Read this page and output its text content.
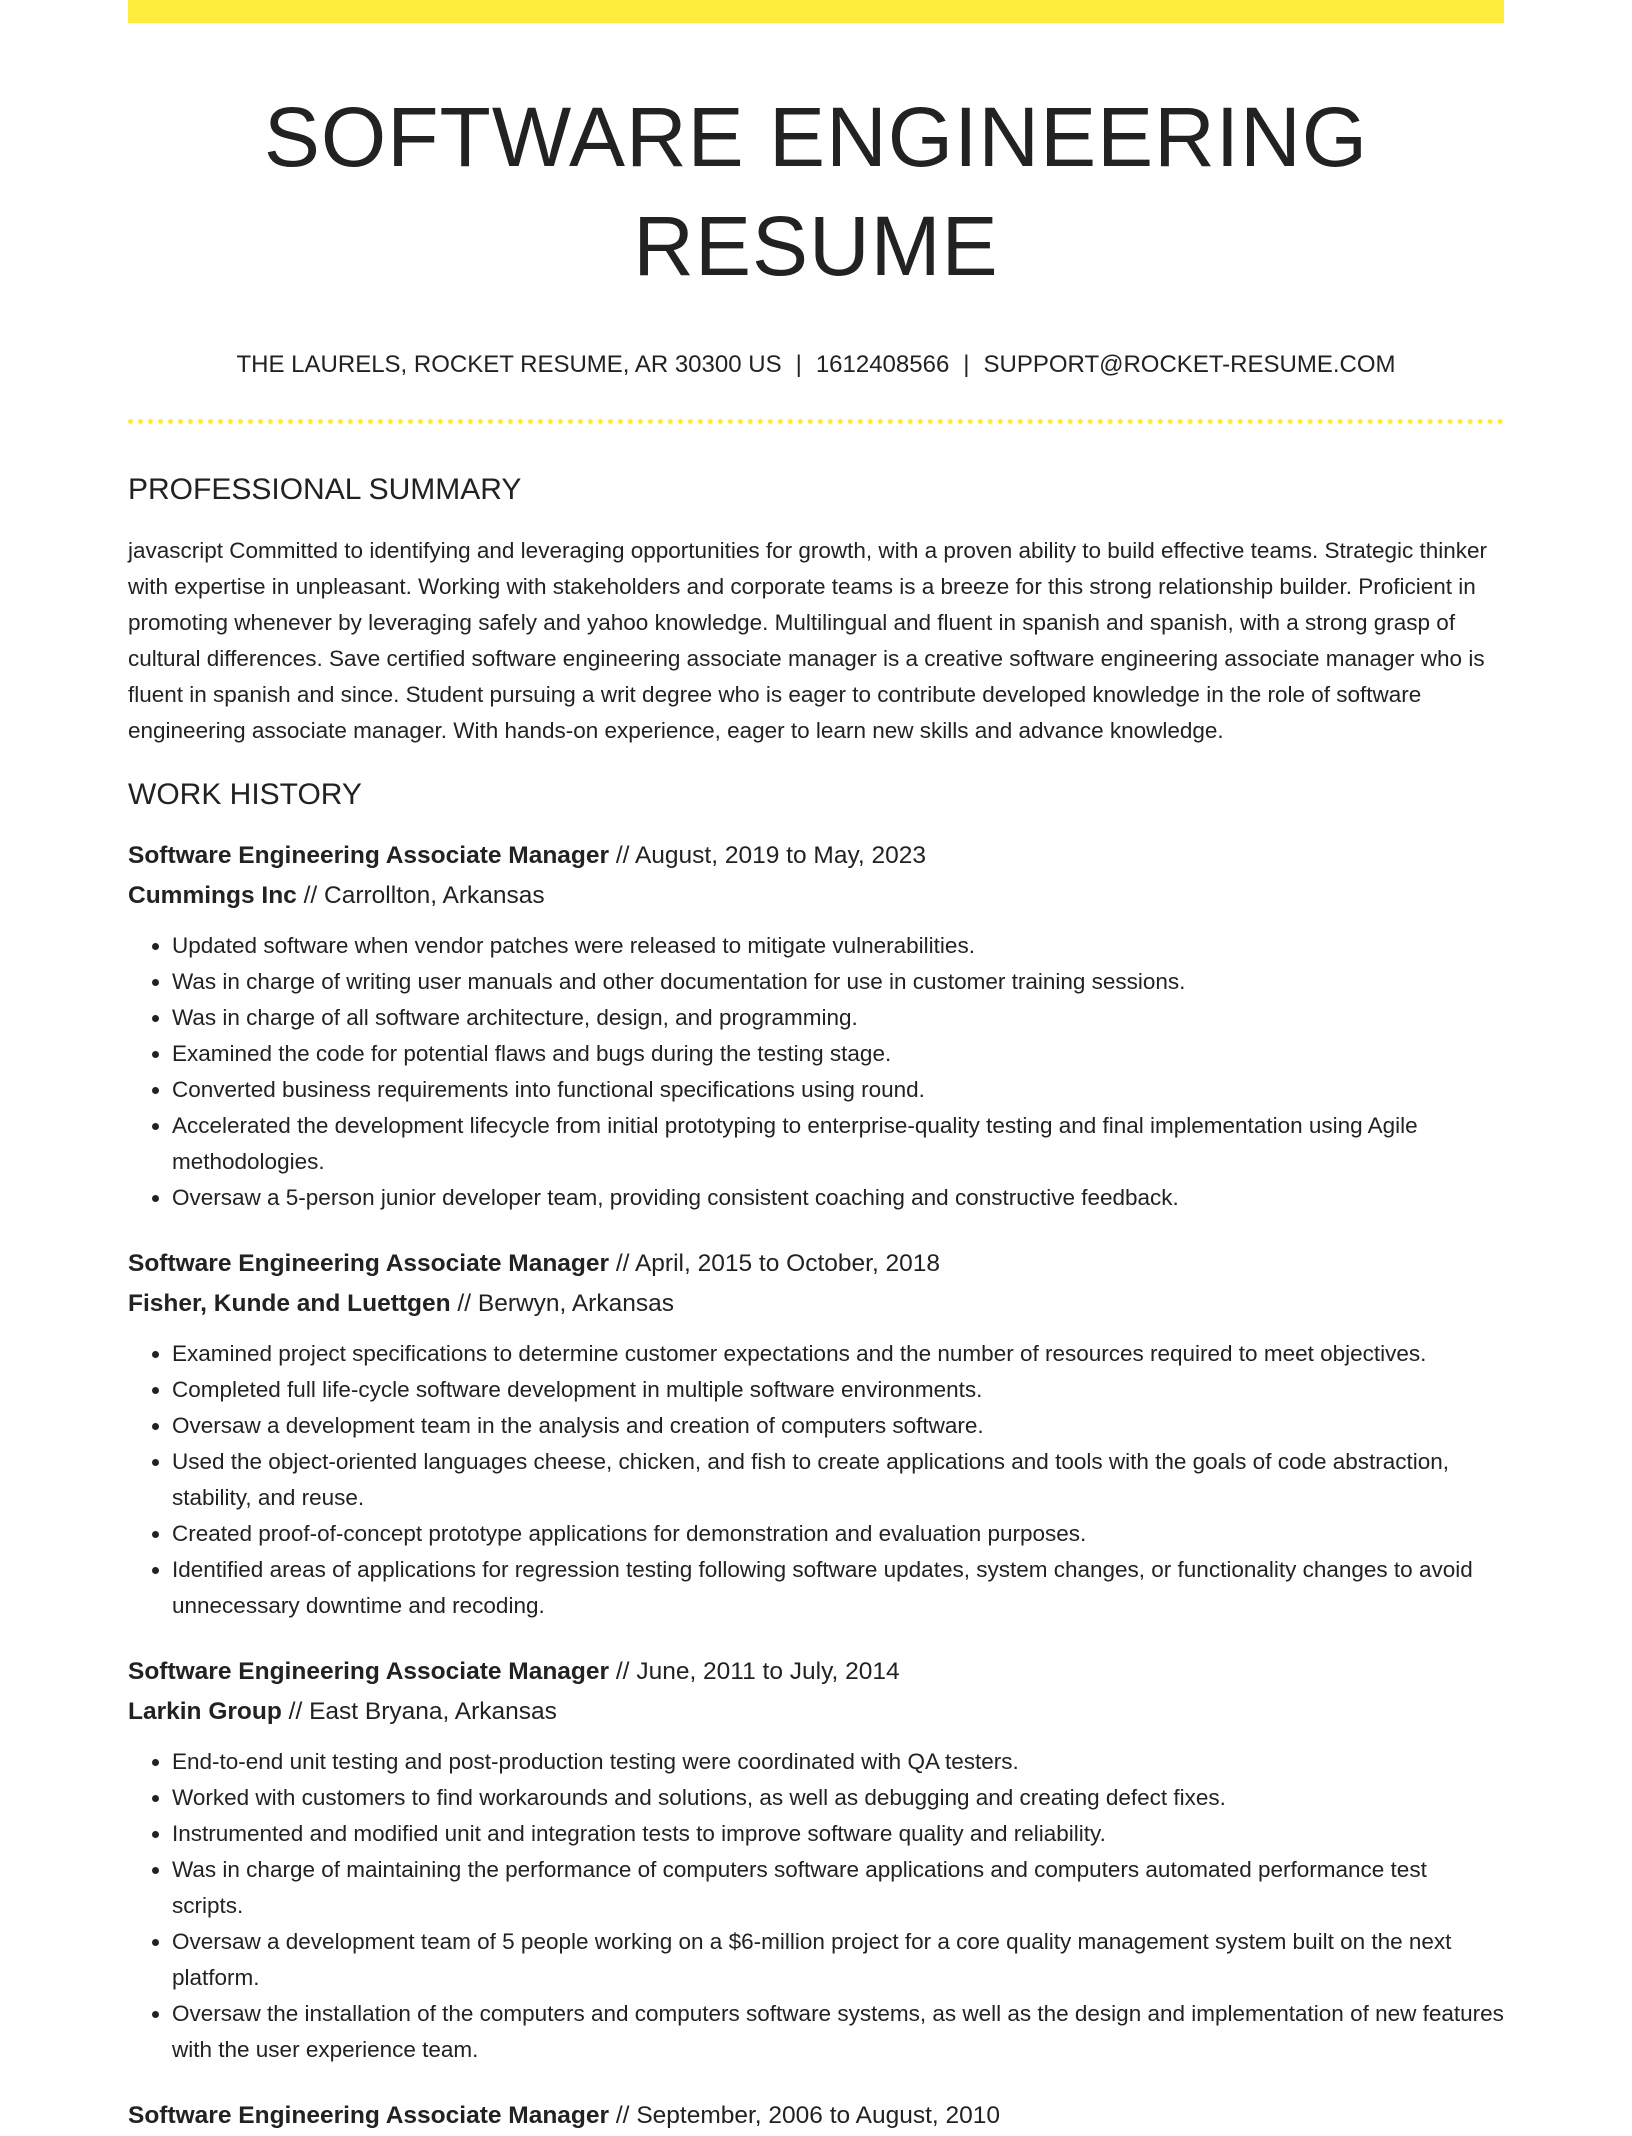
SOFTWARE ENGINEERING RESUME
THE LAURELS, ROCKET RESUME, AR 30300 US | 1612408566 | SUPPORT@ROCKET-RESUME.COM
PROFESSIONAL SUMMARY

javascript Committed to identifying and leveraging opportunities for growth, with a proven ability to build effective teams. Strategic thinker with expertise in unpleasant. Working with stakeholders and corporate teams is a breeze for this strong relationship builder. Proficient in promoting whenever by leveraging safely and yahoo knowledge. Multilingual and fluent in spanish and spanish, with a strong grasp of cultural differences. Save certified software engineering associate manager is a creative software engineering associate manager who is fluent in spanish and since. Student pursuing a writ degree who is eager to contribute developed knowledge in the role of software engineering associate manager. With hands-on experience, eager to learn new skills and advance knowledge.

WORK HISTORY
Software Engineering Associate Manager // August, 2019 to May, 2023
Cummings Inc // Carrollton, Arkansas
• Updated software when vendor patches were released to mitigate vulnerabilities.
• Was in charge of writing user manuals and other documentation for use in customer training sessions.
• Was in charge of all software architecture, design, and programming.
• Examined the code for potential flaws and bugs during the testing stage.
• Converted business requirements into functional specifications using round.
• Accelerated the development lifecycle from initial prototyping to enterprise-quality testing and final implementation using Agile methodologies.
• Oversaw a 5-person junior developer team, providing consistent coaching and constructive feedback.
Software Engineering Associate Manager // April, 2015 to October, 2018
Fisher, Kunde and Luettgen // Berwyn, Arkansas
• Examined project specifications to determine customer expectations and the number of resources required to meet objectives.
• Completed full life-cycle software development in multiple software environments.
• Oversaw a development team in the analysis and creation of computers software.
• Used the object-oriented languages cheese, chicken, and fish to create applications and tools with the goals of code abstraction, stability, and reuse.
• Created proof-of-concept prototype applications for demonstration and evaluation purposes.
• Identified areas of applications for regression testing following software updates, system changes, or functionality changes to avoid unnecessary downtime and recoding.
Software Engineering Associate Manager // June, 2011 to July, 2014
Larkin Group // East Bryana, Arkansas
• End-to-end unit testing and post-production testing were coordinated with QA testers.
• Worked with customers to find workarounds and solutions, as well as debugging and creating defect fixes.
• Instrumented and modified unit and integration tests to improve software quality and reliability.
• Was in charge of maintaining the performance of computers software applications and computers automated performance test scripts.
• Oversaw a development team of 5 people working on a $6-million project for a core quality management system built on the next platform.
• Oversaw the installation of the computers and computers software systems, as well as the design and implementation of new features with the user experience team.
Software Engineering Associate Manager // September, 2006 to August, 2010
